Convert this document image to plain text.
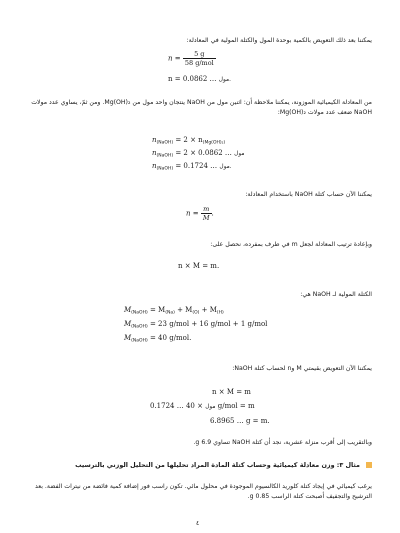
يمكننا بعد ذلك التعويض بالكمية بوحدة المول والكتلة المولية في المعادلة:
$n = \frac{5 g}{\text{58 g/mol}}$
n = 0.0862 … مول.
من المعادلة الكيميائية الموزونة، يمكننا ملاحظة أن: اثنين مول من NaOH ينتجان واحد مول من Mg(OH)₂. ومن ثمّ، يساوي عدد مولات NaOH ضعف عدد مولات Mg(OH)₂:
$n_{(NaOH)} = 2 \times n_{(Mg(OH)_2)}$
$n_{(NaOH)} = 2 \times 0.0862$ … مول
$n_{(NaOH)} = 0.1724$ … مول.
يمكننا الآن حساب كتلة NaOH باستخدام المعادلة:
$n = \frac{m}{M}$ .
وبإعادة ترتيب المعادلة لجعل m في طرف بمفرده، نحصل على:
n × M = m.
الكتلة المولية لـ NaOH هي:
$M_{(NaOH)} = M_{(Na)} + M_{(O)} + M_{(H)}$
$M_{(NaOH)} = 23$ g/mol + 16 g/mol + 1 g/mol
$M_{(NaOH)} = 40$ g/mol.
يمكننا الآن التعويض بقيمتي M وn لحساب كتلة NaOH:
n × M = m
0.1724 …	مول × 40 g/mol = m
6.8965 … g = m.
وبالتقريب إلى أقرب منزلة عشرية، نجد أن كتلة NaOH تساوي 6.9 g.
مثال ٣: وزن معادلة كيميائية وحساب كتلة المادة المراد تحليلها من التحليل الوزني بالترسيب
يرغب كيميائي في إيجاد كتلة كلوريد الكالسيوم الموجودة في محلول مائي. تكون راسب فور إضافة كمية فائضة من نيترات الفضة. بعد الترشيح والتجفيف أصبحت كتلة الراسب 0.85 g.
٤
